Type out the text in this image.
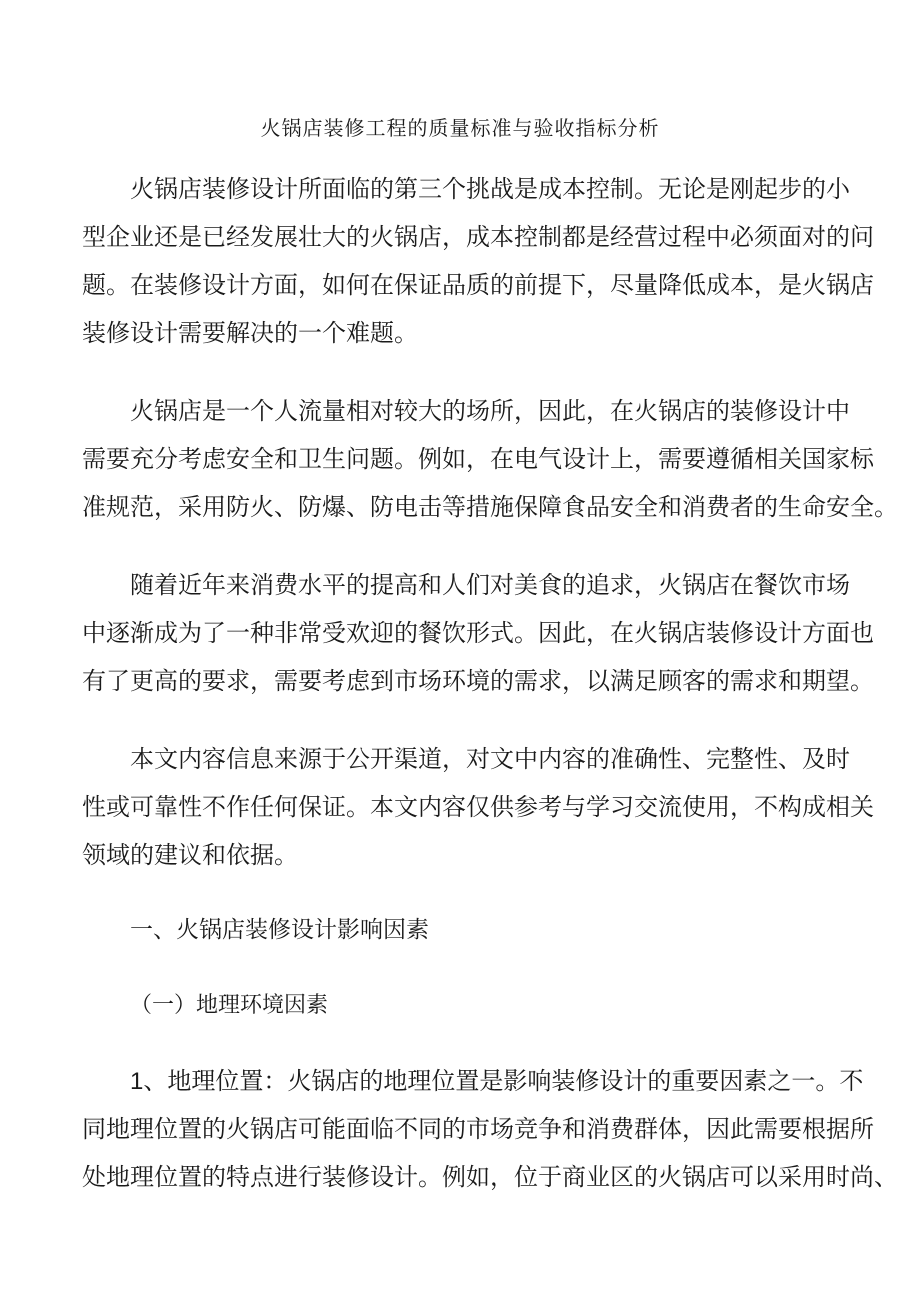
火锅店装修工程的质量标准与验收指标分析
火锅店装修设计所面临的第三个挑战是成本控制。无论是刚起步的小
型企业还是已经发展壮大的火锅店，成本控制都是经营过程中必须面对的问
题。在装修设计方面，如何在保证品质的前提下，尽量降低成本，是火锅店
装修设计需要解决的一个难题。
火锅店是一个人流量相对较大的场所，因此，在火锅店的装修设计中
需要充分考虑安全和卫生问题。例如，在电气设计上，需要遵循相关国家标
准规范，采用防火、防爆、防电击等措施保障食品安全和消费者的生命安全。
随着近年来消费水平的提高和人们对美食的追求，火锅店在餐饮市场
中逐渐成为了一种非常受欢迎的餐饮形式。因此，在火锅店装修设计方面也
有了更高的要求，需要考虑到市场环境的需求，以满足顾客的需求和期望。
本文内容信息来源于公开渠道，对文中内容的准确性、完整性、及时
性或可靠性不作任何保证。本文内容仅供参考与学习交流使用，不构成相关
领域的建议和依据。
一、火锅店装修设计影响因素
（一）地理环境因素
1、地理位置：火锅店的地理位置是影响装修设计的重要因素之一。不
同地理位置的火锅店可能面临不同的市场竞争和消费群体，因此需要根据所
处地理位置的特点进行装修设计。例如，位于商业区的火锅店可以采用时尚、
